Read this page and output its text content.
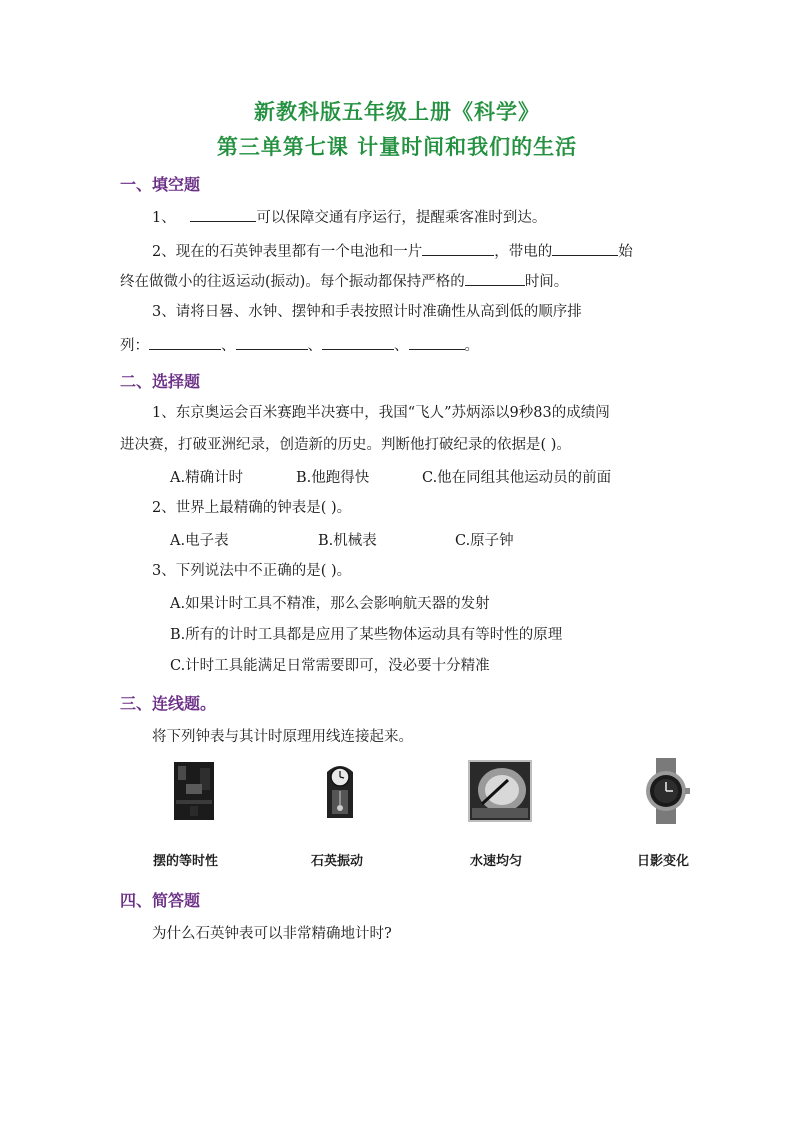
新教科版五年级上册《科学》
第三单第七课 计量时间和我们的生活
一、填空题
1、	可以保障交通有序运行，提醒乘客准时到达。
2、现在的石英钟表里都有一个电池和一片	，带电的	始
终在做微小的往返运动(振动)。每个振动都保持严格的	时间。
3、请将日晷、水钟、摆钟和手表按照计时准确性从高到低的顺序排
列：	、	、	、	。
二、选择题
1、东京奥运会百米赛跑半决赛中，我国“飞人”苏炳添以9秒83的成绩闯
进决赛，打破亚洲纪录，创造新的历史。判断他打破纪录的依据是( )。
A.精确计时	B.他跑得快	C.他在同组其他运动员的前面
2、世界上最精确的钟表是( )。
A.电子表	B.机械表	C.原子钟
3、下列说法中不正确的是( )。
A.如果计时工具不精准，那么会影响航天器的发射
B.所有的计时工具都是应用了某些物体运动具有等时性的原理
C.计时工具能满足日常需要即可，没必要十分精准
三、连线题。
将下列钟表与其计时原理用线连接起来。
摆的等时性	石英振动	水速均匀	日影变化
四、简答题
为什么石英钟表可以非常精确地计时?
